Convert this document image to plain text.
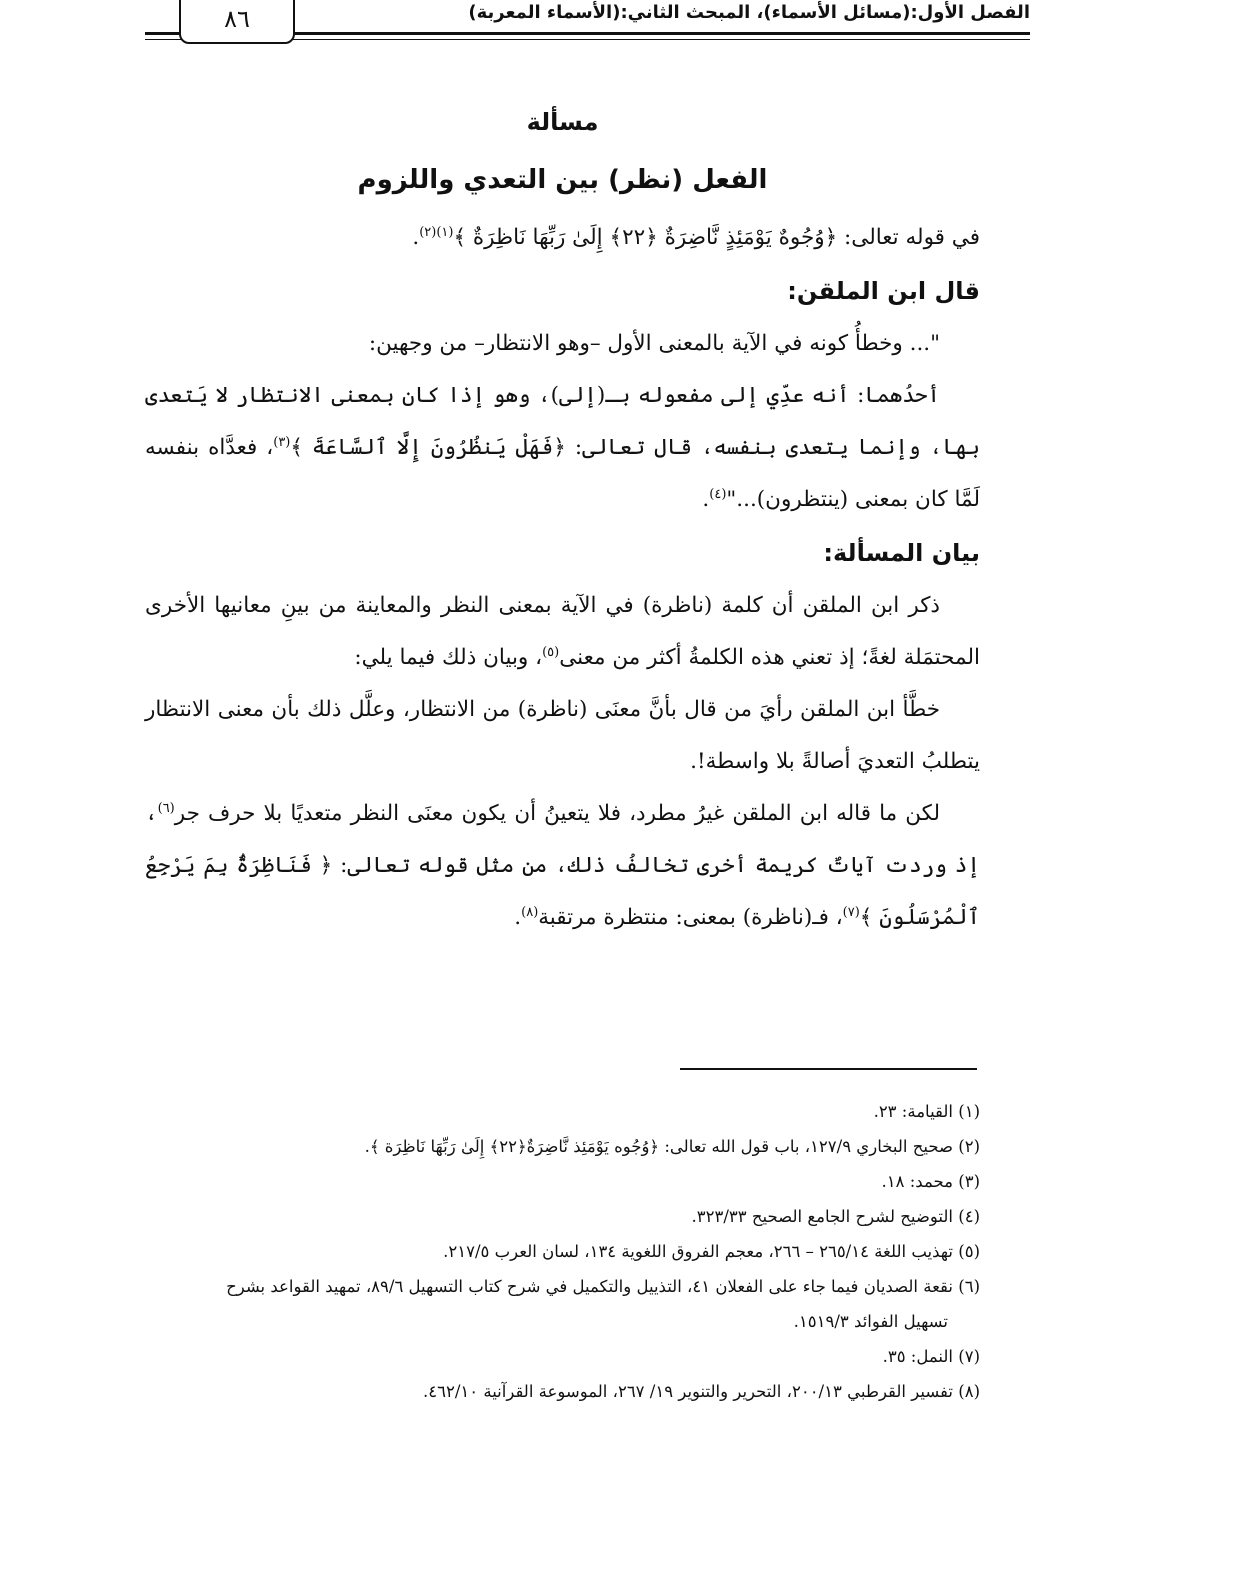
٨٦	الفصل الأول:(مسائل الأسماء)، المبحث الثاني:(الأسماء المعربة)

مسألة

الفعل (نظر) بين التعدي واللزوم

في قوله تعالى: ﴿وُجُوهٌ يَوْمَئِذٍ نَّاضِرَةٌ ﴿٢٢﴾ إِلَىٰ رَبِّهَا نَاظِرَةٌ ﴾$^{(١)(٢)}$.

قال ابن الملقن:

"... وخطأُ كونه في الآية بالمعنى الأول –وهو الانتظار– من وجهين:

أحدُهما: أنه عدِّي إلى مفعوله بـ(إلى)، وهو إذا كان بمعنى الانتظار لا يَتعدى بها، وإنما يتعدى بنفسه، قال تعالى: ﴿فَهَلْ يَنظُرُونَ إِلَّا ٱلسَّاعَةَ ﴾$^{(٣)}$، فعدَّاه بنفسه لَمَّا كان بمعنى (ينتظرون)..."$^{(٤)}$.

بيان المسألة:

ذكر ابن الملقن أن كلمة (ناظرة) في الآية بمعنى النظر والمعاينة من بينِ معانيها الأخرى المحتمَلة لغةً؛ إذ تعني هذه الكلمةُ أكثر من معنى$^{(٥)}$، وبيان ذلك فيما يلي:

خطَّأ ابن الملقن رأيَ من قال بأنَّ معنَى (ناظرة) من الانتظار، وعلَّل ذلك بأن معنى الانتظار يتطلبُ التعديَ أصالةً بلا واسطة!.

لكن ما قاله ابن الملقن غيرُ مطرد، فلا يتعينُ أن يكون معنَى النظر متعديًا بلا حرف جر$^{(٦)}$، إذ وردت آياتٌ كريمة أخرى تخالفُ ذلك، من مثل قوله تعالى: ﴿ فَنَاظِرَةٌۢ بِمَ يَرْجِعُ ٱلْمُرْسَلُونَ ﴾$^{(٧)}$، فـ(ناظرة) بمعنى: منتظرة مرتقبة$^{(٨)}$.

(١) القيامة: ٢٣.

(٢) صحيح البخاري ١٢٧/٩، باب قول الله تعالى: ﴿وُجُوه يَوْمَئِذ نَّاضِرَةٌ﴿٢٢﴾ إِلَىٰ رَبِّهَا نَاظِرَة ﴾.

(٣) محمد: ١٨.

(٤) التوضيح لشرح الجامع الصحيح ٣٢٣/٣٣.

(٥) تهذيب اللغة ٢٦٥/١٤ – ٢٦٦، معجم الفروق اللغوية ١٣٤، لسان العرب ٢١٧/٥.

(٦) نقعة الصديان فيما جاء على الفعلان ٤١، التذييل والتكميل في شرح كتاب التسهيل ٨٩/٦، تمهيد القواعد بشرح

تسهيل الفوائد ١٥١٩/٣.

(٧) النمل: ٣٥.

(٨) تفسير القرطبي ٢٠٠/١٣، التحرير والتنوير ١٩/ ٢٦٧، الموسوعة القرآنية ٤٦٢/١٠.
